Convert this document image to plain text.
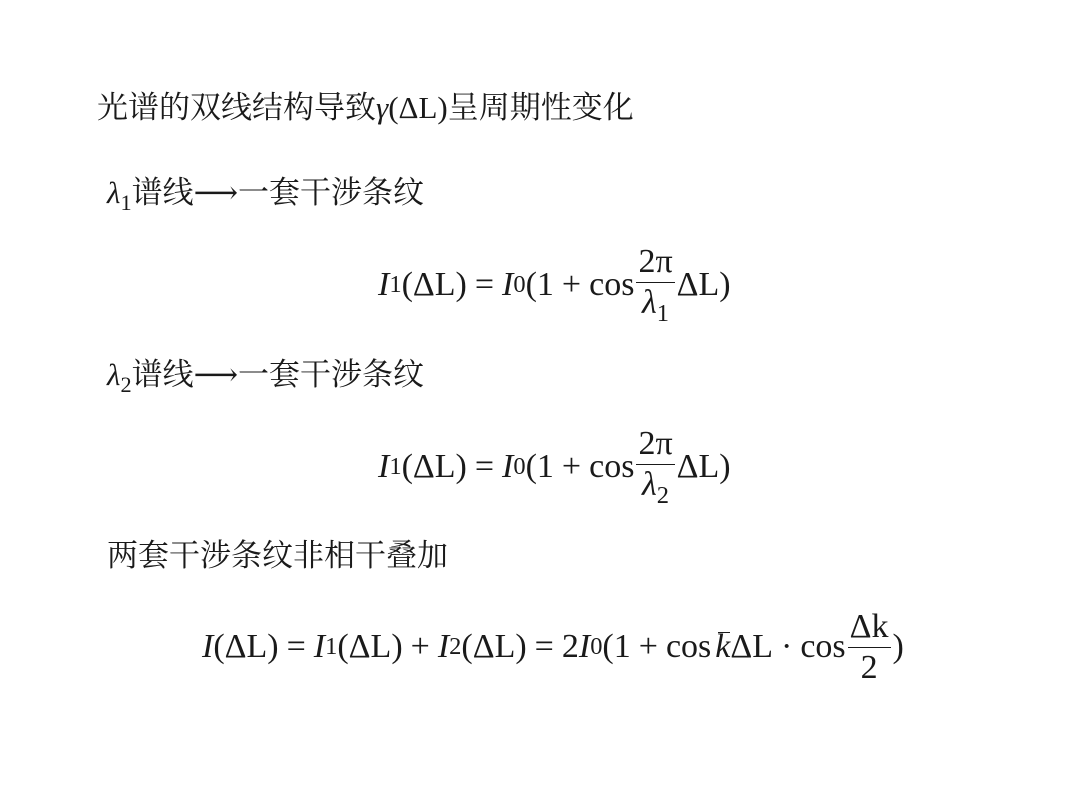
光谱的双线结构导致γ(ΔL)呈周期性变化
$\lambda_1$谱线⟶一套干涉条纹
I 1 (ΔL) = I 0 $(1 + \cos \frac{2\pi}{\lambda_1} \Delta L)$
$\lambda_2$谱线⟶一套干涉条纹
I 1 (ΔL) = I 0 $(1 + \cos \frac{2\pi}{\lambda_2} \Delta L)$
两套干涉条纹非相干叠加
I (ΔL) = I 1 (ΔL) + I 2 (ΔL) = 2 I 0 (1 + cos k $\Delta L \cdot \cos \frac{\Delta k}{2}$ )
